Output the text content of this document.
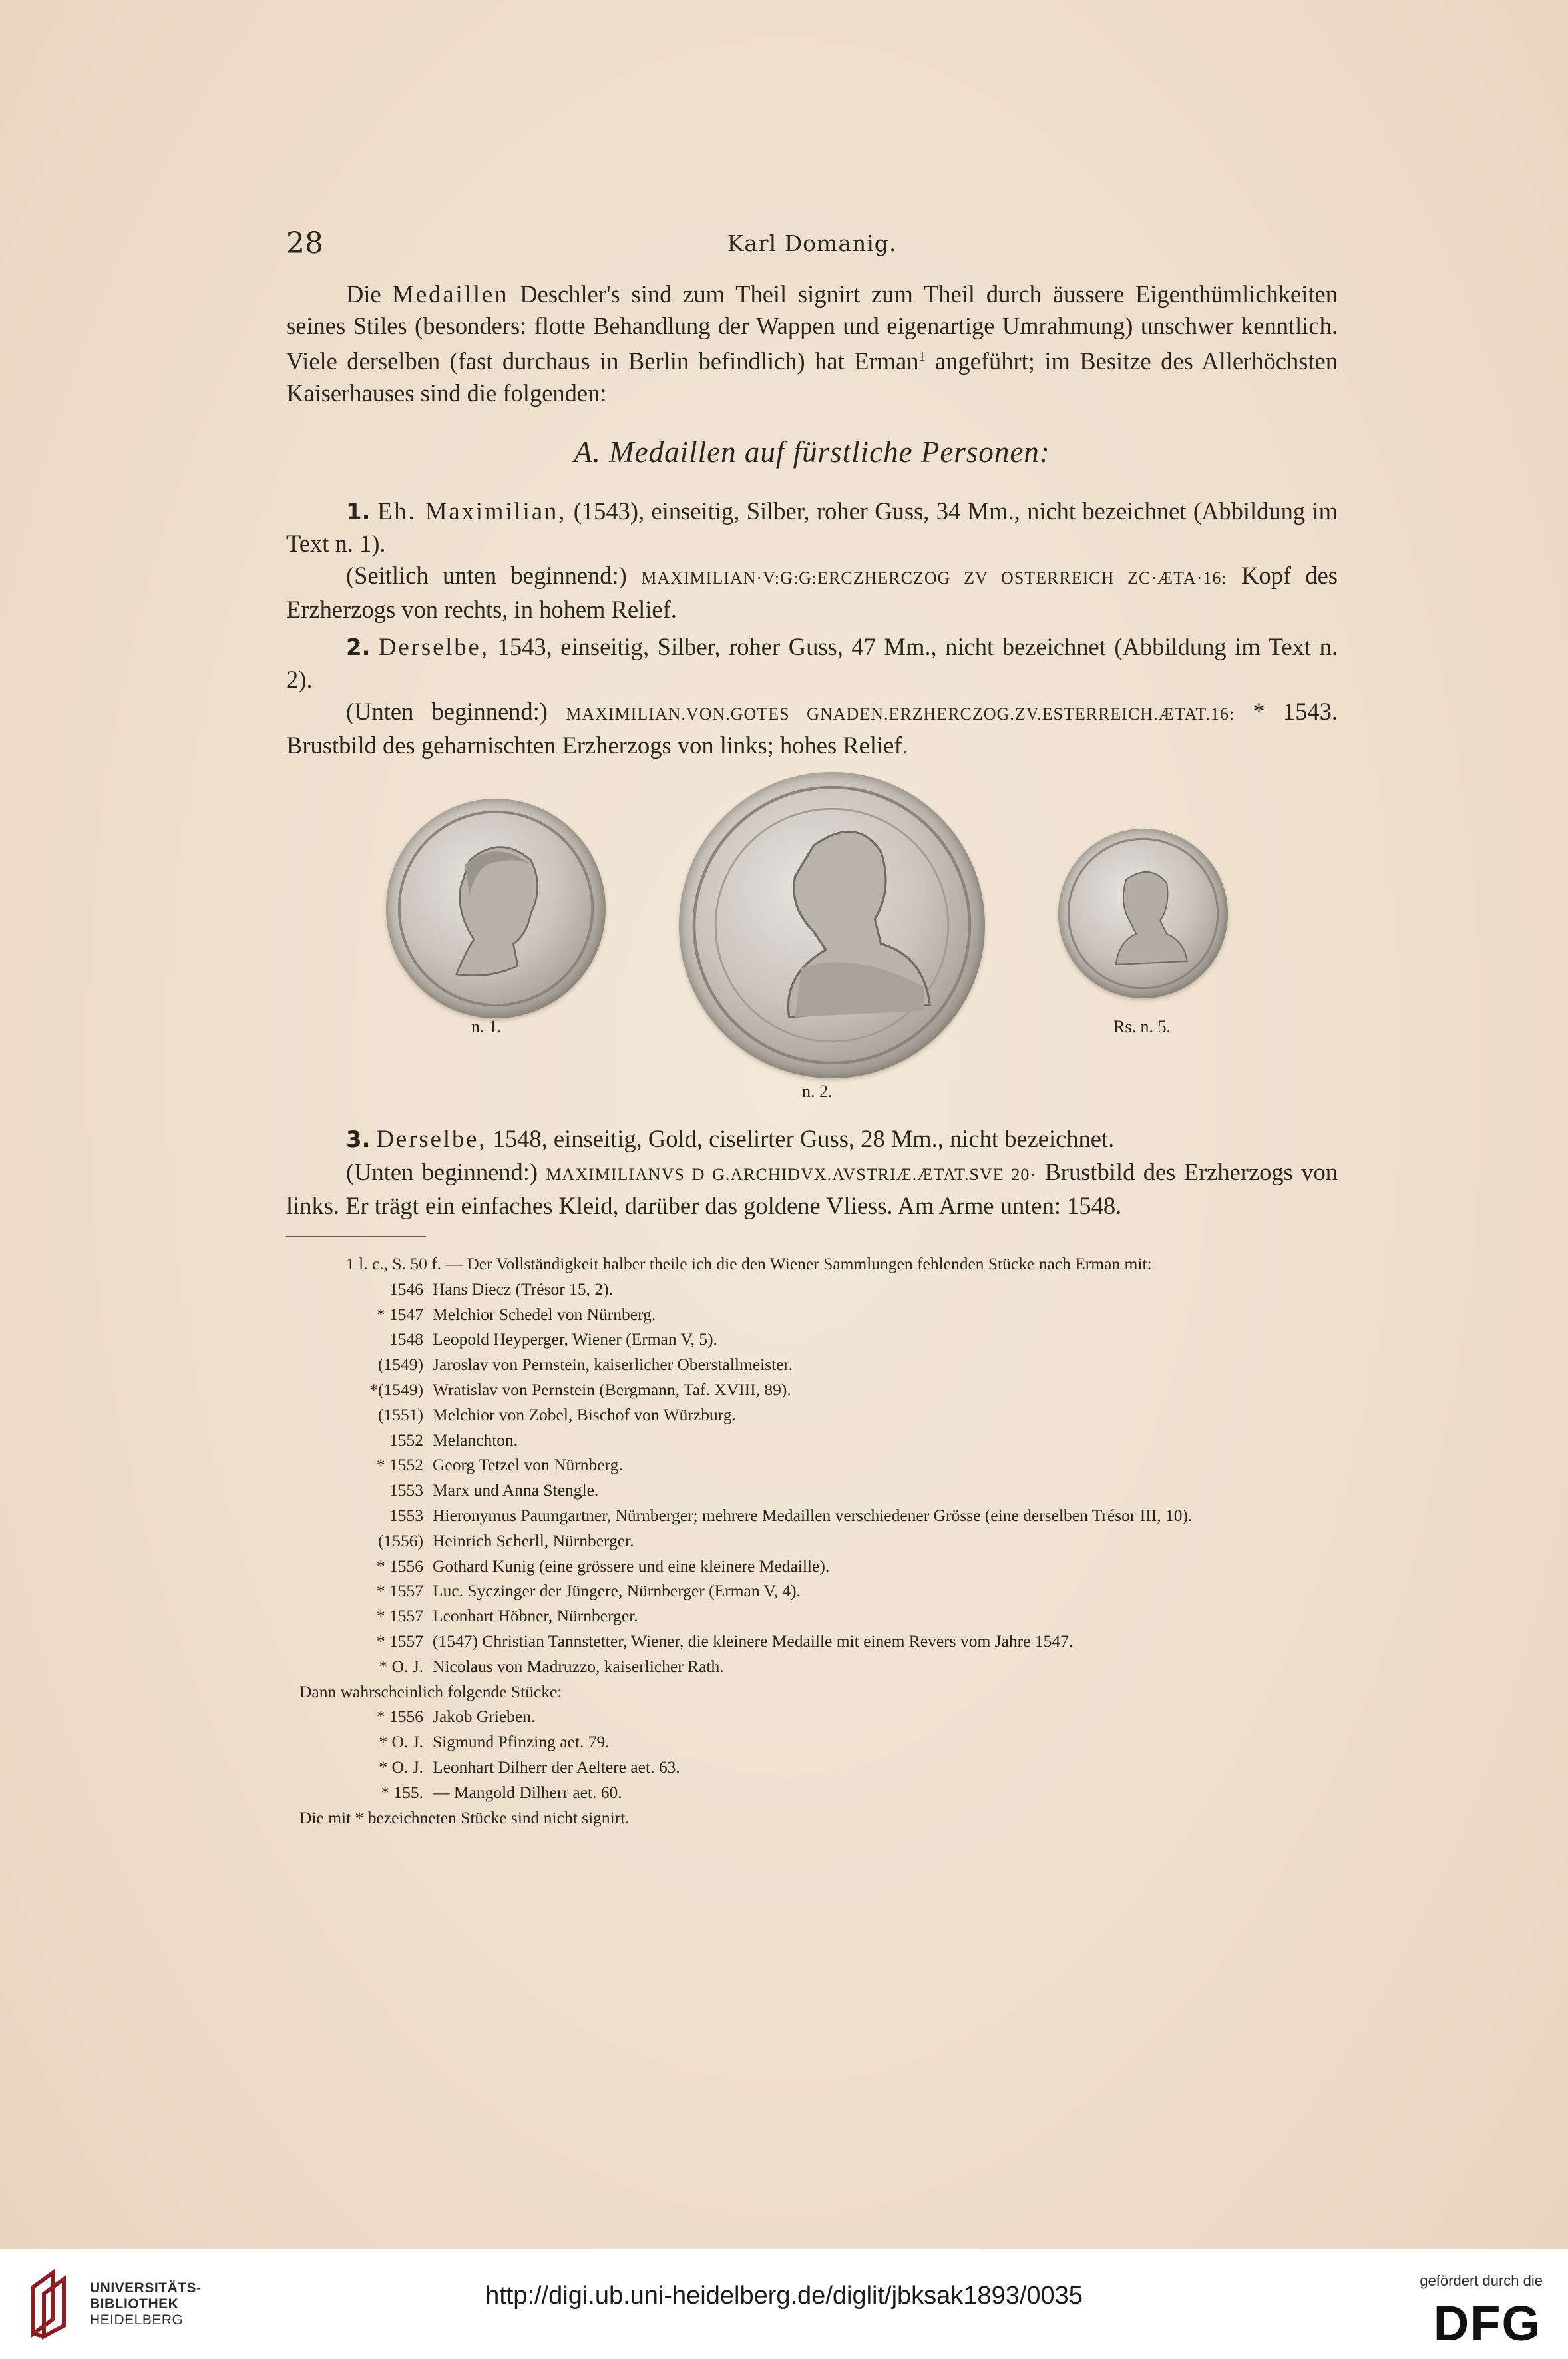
28	Karl Domanig.

Die Medaillen Deschler's sind zum Theil signirt zum Theil durch äussere Eigenthümlichkeiten seines Stiles (besonders: flotte Behandlung der Wappen und eigenartige Umrahmung) unschwer kenntlich. Viele derselben (fast durchaus in Berlin befindlich) hat Erman$^1$ angeführt; im Besitze des Allerhöchsten Kaiserhauses sind die folgenden:

A. Medaillen auf fürstliche Personen:

1. Eh. Maximilian, (1543), einseitig, Silber, roher Guss, 34 Mm., nicht bezeichnet (Abbildung im Text n. 1).

(Seitlich unten beginnend:) MAXIMILIAN·V:G:G:ERCZHERCZOG ZV OSTERREICH ZC·ÆTA·16: Kopf des Erzherzogs von rechts, in hohem Relief.

2. Derselbe, 1543, einseitig, Silber, roher Guss, 47 Mm., nicht bezeichnet (Abbildung im Text n. 2).

(Unten beginnend:) MAXIMILIAN.VON.GOTES GNADEN.ERZHERCZOG.ZV.ESTERREICH.ÆTAT.16: * 1543. Brustbild des geharnischten Erzherzogs von links; hohes Relief.

n. 1.
n. 2.
Rs. n. 5.

3. Derselbe, 1548, einseitig, Gold, ciselirter Guss, 28 Mm., nicht bezeichnet.

(Unten beginnend:) MAXIMILIANVS D G.ARCHIDVX.AVSTRIÆ.ÆTAT.SVE 20· Brustbild des Erzherzogs von links. Er trägt ein einfaches Kleid, darüber das goldene Vliess. Am Arme unten: 1548.

1 l. c., S. 50 f. — Der Vollständigkeit halber theile ich die den Wiener Sammlungen fehlenden Stücke nach Erman mit:
1546 Hans Diecz (Trésor 15, 2).
* 1547 Melchior Schedel von Nürnberg.
1548 Leopold Heyperger, Wiener (Erman V, 5).
(1549) Jaroslav von Pernstein, kaiserlicher Oberstallmeister.
*(1549) Wratislav von Pernstein (Bergmann, Taf. XVIII, 89).
(1551) Melchior von Zobel, Bischof von Würzburg.
1552 Melanchton.
* 1552 Georg Tetzel von Nürnberg.
1553 Marx und Anna Stengle.
1553 Hieronymus Paumgartner, Nürnberger; mehrere Medaillen verschiedener Grösse (eine derselben Trésor III, 10).
(1556) Heinrich Scherll, Nürnberger.
* 1556 Gothard Kunig (eine grössere und eine kleinere Medaille).
* 1557 Luc. Syczinger der Jüngere, Nürnberger (Erman V, 4).
* 1557 Leonhart Höbner, Nürnberger.
* 1557 (1547) Christian Tannstetter, Wiener, die kleinere Medaille mit einem Revers vom Jahre 1547.
* O. J. Nicolaus von Madruzzo, kaiserlicher Rath.
Dann wahrscheinlich folgende Stücke:
* 1556 Jakob Grieben.
* O. J. Sigmund Pfinzing aet. 79.
* O. J. Leonhart Dilherr der Aeltere aet. 63.
* 155. — Mangold Dilherr aet. 60.
Die mit * bezeichneten Stücke sind nicht signirt.
UNIVERSITÄTS-
BIBLIOTHEK
HEIDELBERG
http://digi.ub.uni-heidelberg.de/diglit/jbksak1893/0035
gefördert durch die
DFG
